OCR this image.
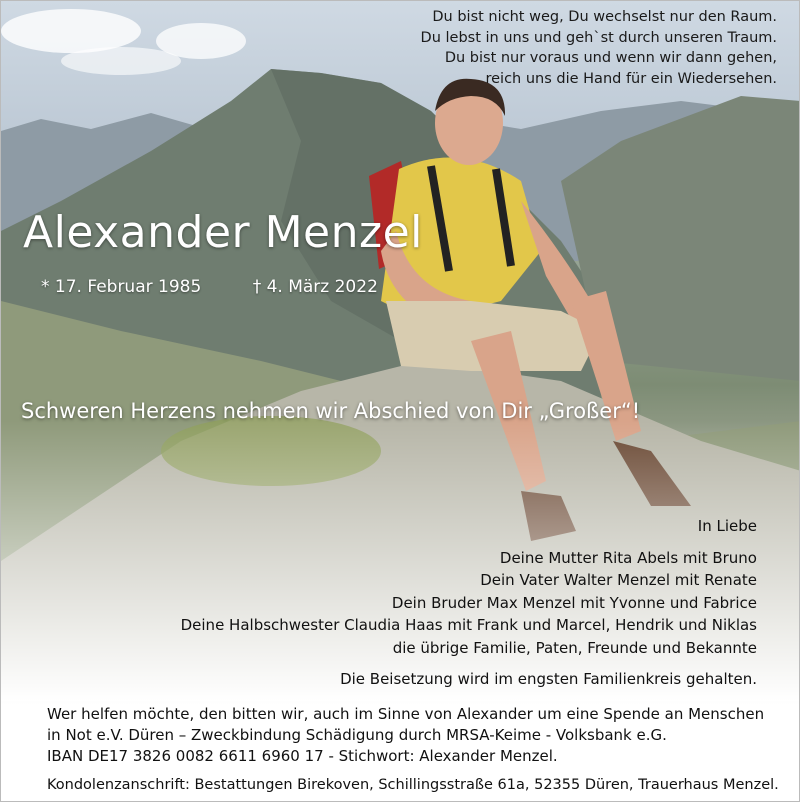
Du bist nicht weg, Du wechselst nur den Raum.
Du lebst in uns und geh`st durch unseren Traum.
Du bist nur voraus und wenn wir dann gehen,
reich uns die Hand für ein Wiedersehen.
Alexander Menzel
* 17. Februar 1985	† 4. März 2022
Schweren Herzens nehmen wir Abschied von Dir „Großer“!
In Liebe
Deine Mutter Rita Abels mit Bruno
Dein Vater Walter Menzel mit Renate
Dein Bruder Max Menzel mit Yvonne und Fabrice
Deine Halbschwester Claudia Haas mit Frank und Marcel, Hendrik und Niklas
die übrige Familie, Paten, Freunde und Bekannte
Die Beisetzung wird im engsten Familienkreis gehalten.
Wer helfen möchte, den bitten wir, auch im Sinne von Alexander um eine Spende an Menschen
in Not e.V. Düren – Zweckbindung Schädigung durch MRSA-Keime - Volksbank e.G.
IBAN DE17 3826 0082 6611 6960 17 - Stichwort: Alexander Menzel.
Kondolenzanschrift: Bestattungen Birekoven, Schillingsstraße 61a, 52355 Düren, Trauerhaus Menzel.
